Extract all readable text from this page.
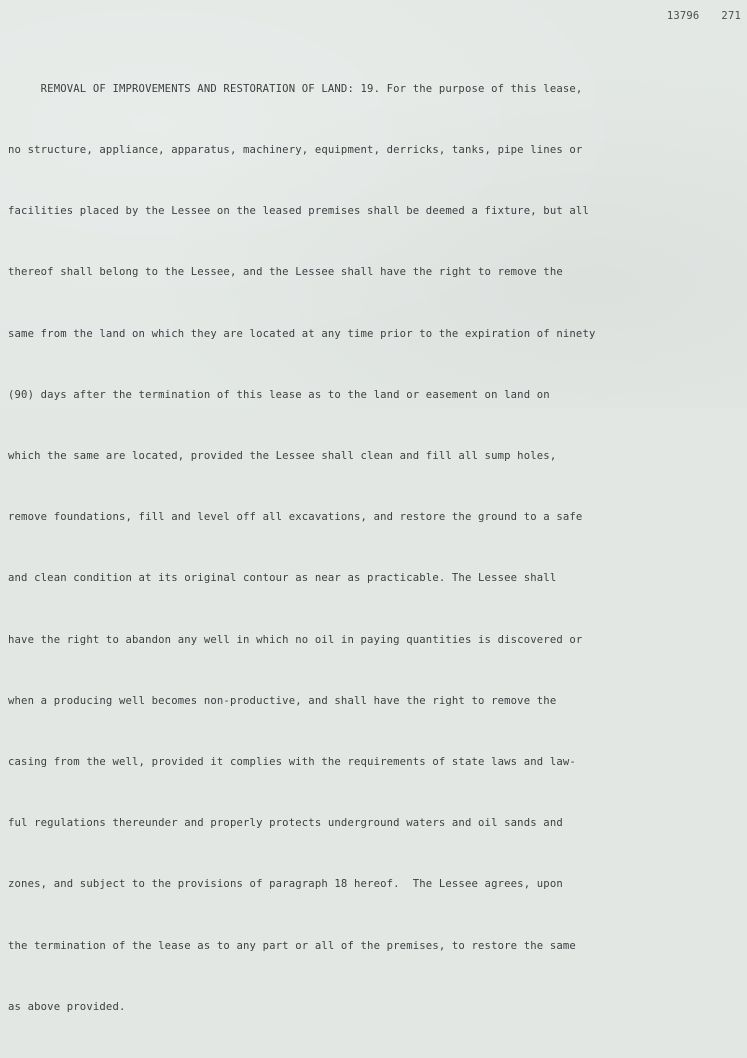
13796 271

REMOVAL OF IMPROVEMENTS AND RESTORATION OF LAND: 19. For the purpose of this lease,

no structure, appliance, apparatus, machinery, equipment, derricks, tanks, pipe lines or

facilities placed by the Lessee on the leased premises shall be deemed a fixture, but all

thereof shall belong to the Lessee, and the Lessee shall have the right to remove the

same from the land on which they are located at any time prior to the expiration of ninety

(90) days after the termination of this lease as to the land or easement on land on

which the same are located, provided the Lessee shall clean and fill all sump holes,

remove foundations, fill and level off all excavations, and restore the ground to a safe

and clean condition at its original contour as near as practicable. The Lessee shall

have the right to abandon any well in which no oil in paying quantities is discovered or

when a producing well becomes non-productive, and shall have the right to remove the

casing from the well, provided it complies with the requirements of state laws and law-

ful regulations thereunder and properly protects underground waters and oil sands and

zones, and subject to the provisions of paragraph 18 hereof.  The Lessee agrees, upon

the termination of the lease as to any part or all of the premises, to restore the same

as above provided.
